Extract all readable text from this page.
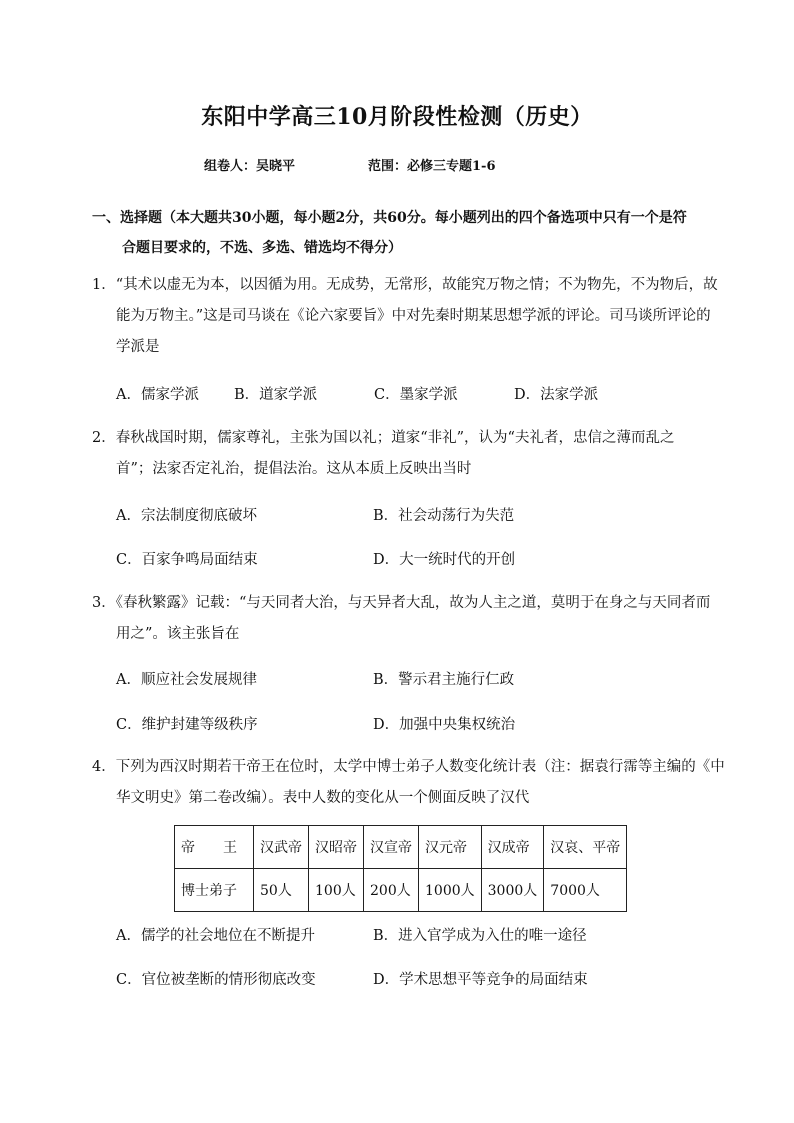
东阳中学高三10月阶段性检测（历史）
组卷人：吴晓平	范围：必修三专题1-6
一、选择题（本大题共30小题，每小题2分，共60分。每小题列出的四个备选项中只有一个是符
合题目要求的，不选、多选、错选均不得分）
1．“其术以虚无为本，以因循为用。无成势，无常形，故能究万物之情；不为物先，不为物后，故
能为万物主。”这是司马谈在《论六家要旨》中对先秦时期某思想学派的评论。司马谈所评论的
学派是
A．儒家学派 B．道家学派	C．墨家学派	D．法家学派
2．春秋战国时期，儒家尊礼，主张为国以礼；道家“非礼”，认为“夫礼者，忠信之薄而乱之
首”；法家否定礼治，提倡法治。这从本质上反映出当时
A．宗法制度彻底破坏	B．社会动荡行为失范
C．百家争鸣局面结束	D．大一统时代的开创
3．《春秋繁露》记载：“与天同者大治，与天异者大乱，故为人主之道，莫明于在身之与天同者而
用之”。该主张旨在
A．顺应社会发展规律	B．警示君主施行仁政
C．维护封建等级秩序	D．加强中央集权统治
4．下列为西汉时期若干帝王在位时，太学中博士弟子人数变化统计表（注：据袁行霈等主编的《中
华文明史》第二卷改编）。表中人数的变化从一个侧面反映了汉代
帝　　王	汉武帝	汉昭帝	汉宣帝	汉元帝	汉成帝	汉哀、平帝
博士弟子	50人	100人	200人	1000人	3000人	7000人
A．儒学的社会地位在不断提升	B．进入官学成为入仕的唯一途径
C．官位被垄断的情形彻底改变	D．学术思想平等竞争的局面结束
